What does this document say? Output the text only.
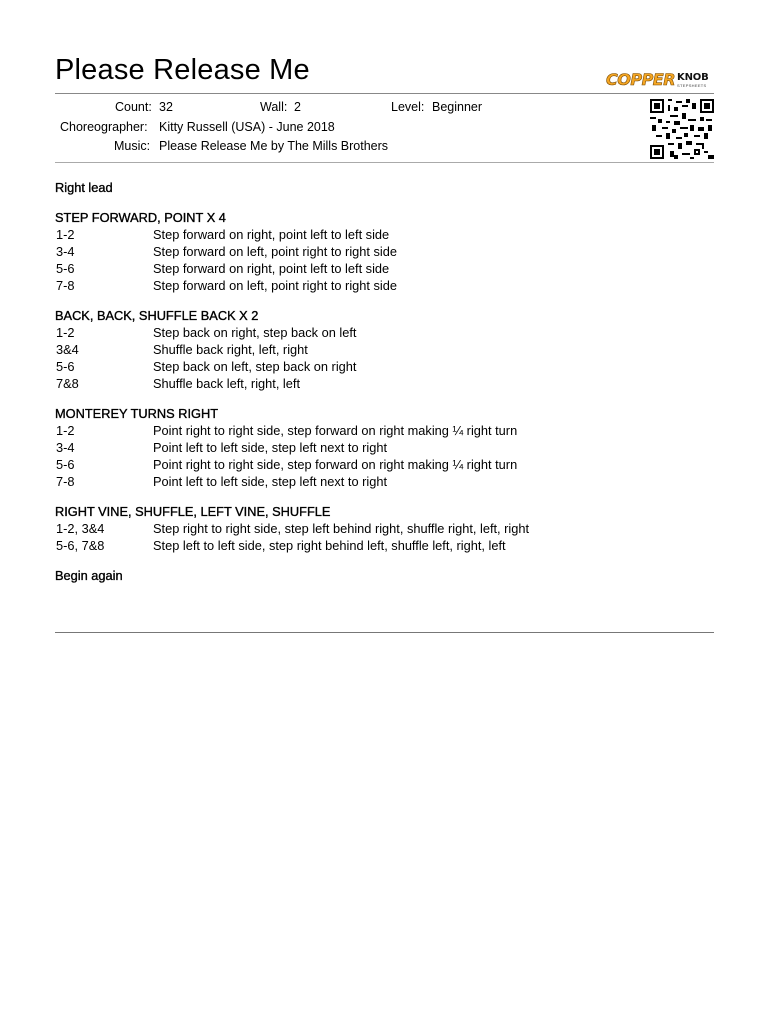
Please Release Me	COPPER KNOB
STEPSHEETS
Count: 32	Wall: 2	Level: Beginner
Choreographer: Kitty Russell (USA) - June 2018
Music: Please Release Me by The Mills Brothers
Right lead
STEP FORWARD, POINT X 4
1-2	Step forward on right, point left to left side
3-4	Step forward on left, point right to right side
5-6	Step forward on right, point left to left side
7-8	Step forward on left, point right to right side
BACK, BACK, SHUFFLE BACK X 2
1-2	Step back on right, step back on left
3&4	Shuffle back right, left, right
5-6	Step back on left, step back on right
7&8	Shuffle back left, right, left
MONTEREY TURNS RIGHT
1-2	Point right to right side, step forward on right making ¼ right turn
3-4	Point left to left side, step left next to right
5-6	Point right to right side, step forward on right making ¼ right turn
7-8	Point left to left side, step left next to right
RIGHT VINE, SHUFFLE, LEFT VINE, SHUFFLE
1-2, 3&4	Step right to right side, step left behind right, shuffle right, left, right
5-6, 7&8	Step left to left side, step right behind left, shuffle left, right, left
Begin again
